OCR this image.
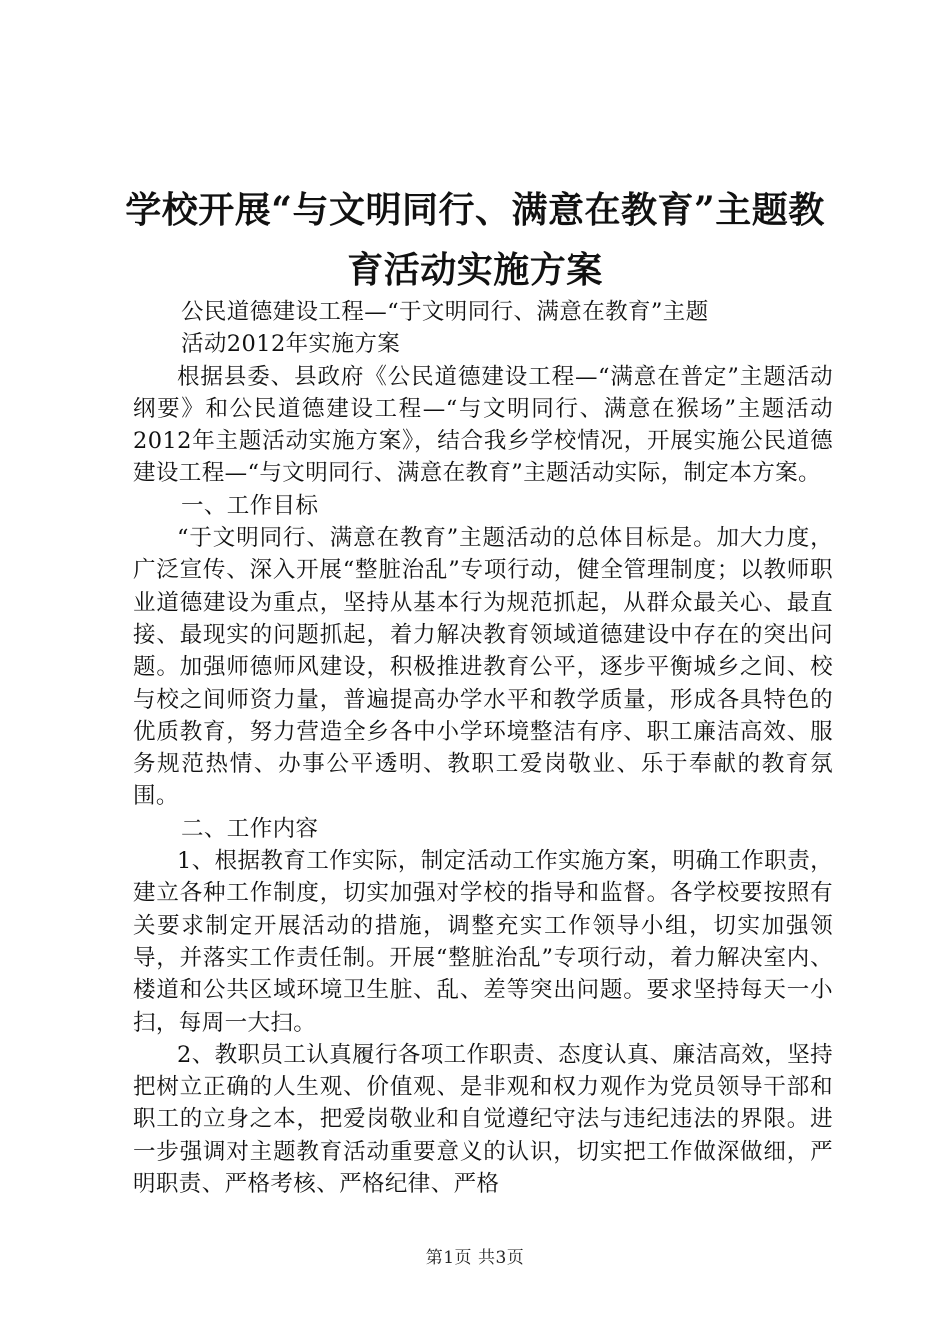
学校开展“与文明同行、满意在教育”主题教
育活动实施方案
公民道德建设工程—“于文明同行、满意在教育”主题
活动2012年实施方案

根据县委、县政府《公民道德建设工程—“满意在普定”主题活动纲要》和公民道德建设工程—“与文明同行、满意在猴场”主题活动2012年主题活动实施方案》，结合我乡学校情况，开展实施公民道德建设工程—“与文明同行、满意在教育”主题活动实际，制定本方案。

一、工作目标

“于文明同行、满意在教育”主题活动的总体目标是。加大力度，广泛宣传、深入开展“整脏治乱”专项行动，健全管理制度；以教师职业道德建设为重点，坚持从基本行为规范抓起，从群众最关心、最直接、最现实的问题抓起，着力解决教育领域道德建设中存在的突出问题。加强师德师风建设，积极推进教育公平，逐步平衡城乡之间、校与校之间师资力量，普遍提高办学水平和教学质量，形成各具特色的优质教育，努力营造全乡各中小学环境整洁有序、职工廉洁高效、服务规范热情、办事公平透明、教职工爱岗敬业、乐于奉献的教育氛围。

二、工作内容

1、根据教育工作实际，制定活动工作实施方案，明确工作职责，建立各种工作制度，切实加强对学校的指导和监督。各学校要按照有关要求制定开展活动的措施，调整充实工作领导小组，切实加强领导，并落实工作责任制。开展“整脏治乱”专项行动，着力解决室内、楼道和公共区域环境卫生脏、乱、差等突出问题。要求坚持每天一小扫，每周一大扫。

2、教职员工认真履行各项工作职责、态度认真、廉洁高效，坚持把树立正确的人生观、价值观、是非观和权力观作为党员领导干部和职工的立身之本，把爱岗敬业和自觉遵纪守法与违纪违法的界限。进一步强调对主题教育活动重要意义的认识，切实把工作做深做细，严明职责、严格考核、严格纪律、严格

第1页 共3页
